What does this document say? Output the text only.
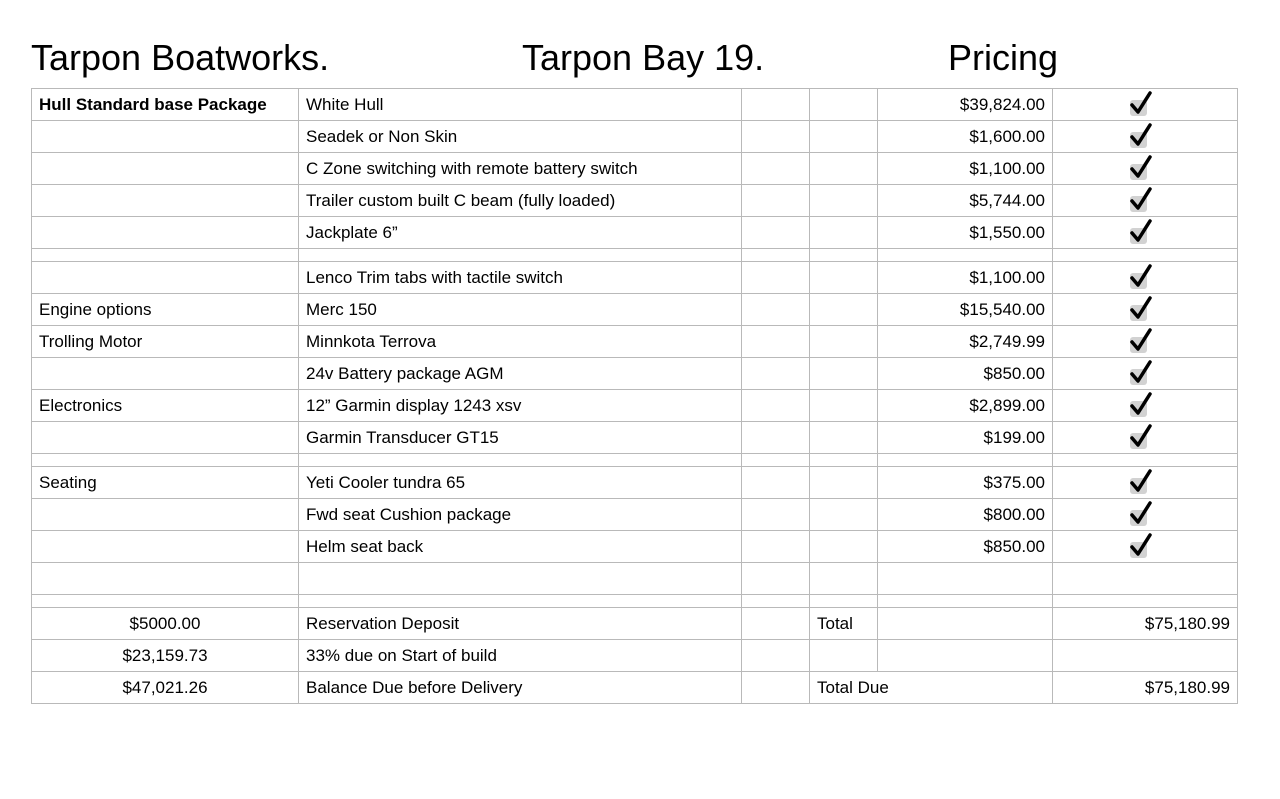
Tarpon Boatworks.	Tarpon Bay 19.	Pricing
Hull Standard base Package	White Hull			$39,824.00	

	Seadek or Non Skin			$1,600.00	

	C Zone switching with remote battery switch			$1,100.00	

	Trailer custom built C beam (fully loaded)			$5,744.00	

	Jackplate 6”			$1,550.00	

	Lenco Trim tabs with tactile switch			$1,100.00	

Engine options	Merc 150			$15,540.00	

Trolling Motor	Minnkota Terrova			$2,749.99	

	24v Battery package AGM			$850.00	

Electronics	12” Garmin display 1243 xsv			$2,899.00	

	Garmin Transducer GT15			$199.00	

Seating	Yeti Cooler tundra 65			$375.00	

	Fwd seat Cushion package			$800.00	

	Helm seat back			$850.00	

$5000.00	Reservation Deposit		Total		$75,180.99
$23,159.73	33% due on Start of build				
$47,021.26	Balance Due before Delivery		Total Due		$75,180.99
